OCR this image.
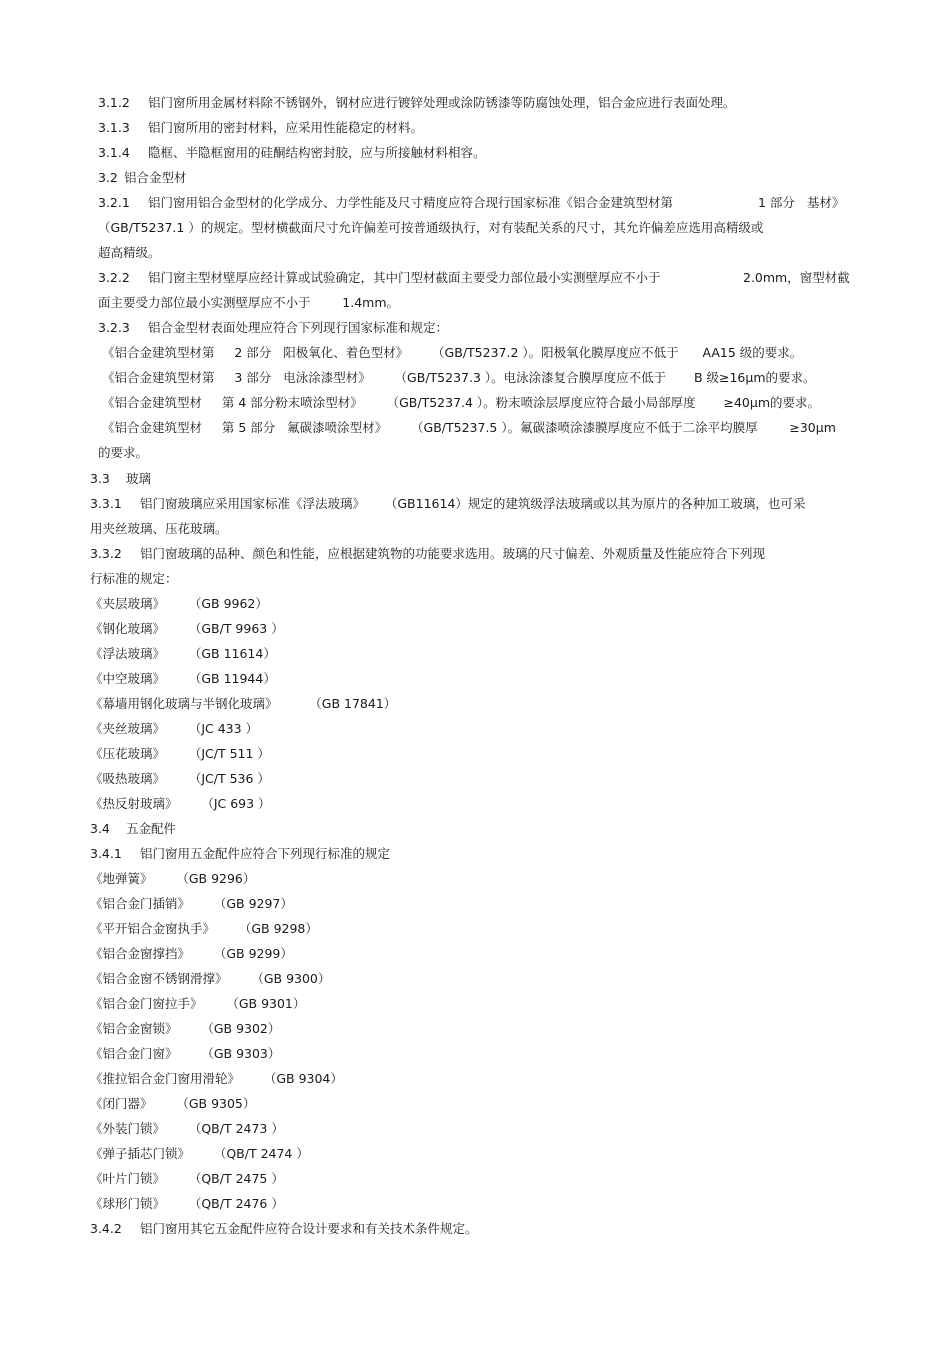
3.1.2 铝门窗所用金属材料除不锈钢外，钢材应进行镀锌处理或涂防锈漆等防腐蚀处理，铝合金应进行表面处理。
3.1.3 铝门窗所用的密封材料，应采用性能稳定的材料。
3.1.4 隐框、半隐框窗用的硅酮结构密封胶，应与所接触材料相容。
3.2 铝合金型材
3.2.1 铝门窗用铝合金型材的化学成分、力学性能及尺寸精度应符合现行国家标准《铝合金建筑型材第	1 部分   基材》
（GB/T5237.1 ）的规定。型材横截面尺寸允许偏差可按普通级执行，对有装配关系的尺寸，其允许偏差应选用高精级或
超高精级。
3.2.2 铝门窗主型材壁厚应经计算或试验确定，其中门型材截面主要受力部位最小实测壁厚应不小于	2.0mm，窗型材截
面主要受力部位最小实测壁厚应不小于        1.4mm。
3.2.3 铝合金型材表面处理应符合下列现行国家标准和规定：
《铝合金建筑型材第     2 部分   阳极氧化、着色型材》      （GB/T5237.2 ）。阳极氧化膜厚度应不低于      AA15 级的要求。
《铝合金建筑型材第     3 部分   电泳涂漆型材》      （GB/T5237.3 ）。电泳涂漆复合膜厚度应不低于       B 级≥16μm的要求。
《铝合金建筑型材     第 4 部分粉末喷涂型材》      （GB/T5237.4 ）。粉末喷涂层厚度应符合最小局部厚度       ≥40μm的要求。
《铝合金建筑型材     第 5 部分   氟碳漆喷涂型材》      （GB/T5237.5 ）。氟碳漆喷涂漆膜厚度应不低于二涂平均膜厚        ≥30μm
的要求。
3.3 玻璃
3.3.1 铝门窗玻璃应采用国家标准《浮法玻璃》     （GB11614）规定的建筑级浮法玻璃或以其为原片的各种加工玻璃，也可采
用夹丝玻璃、压花玻璃。
3.3.2 铝门窗玻璃的品种、颜色和性能，应根据建筑物的功能要求选用。玻璃的尺寸偏差、外观质量及性能应符合下列现
行标准的规定：
《夹层玻璃》      （GB 9962）
《钢化玻璃》      （GB/T 9963 ）
《浮法玻璃》      （GB 11614）
《中空玻璃》      （GB 11944）
《幕墙用钢化玻璃与半钢化玻璃》        （GB 17841）
《夹丝玻璃》      （JC 433 ）
《压花玻璃》      （JC/T 511 ）
《吸热玻璃》      （JC/T 536 ）
《热反射玻璃》      （JC 693 ）
3.4 五金配件
3.4.1 铝门窗用五金配件应符合下列现行标准的规定
《地弹簧》      （GB 9296）
《铝合金门插销》      （GB 9297）
《平开铝合金窗执手》      （GB 9298）
《铝合金窗撑挡》      （GB 9299）
《铝合金窗不锈钢滑撑》      （GB 9300）
《铝合金门窗拉手》      （GB 9301）
《铝合金窗锁》      （GB 9302）
《铝合金门窗》      （GB 9303）
《推拉铝合金门窗用滑轮》      （GB 9304）
《闭门器》      （GB 9305）
《外装门锁》      （QB/T 2473 ）
《弹子插芯门锁》      （QB/T 2474 ）
《叶片门锁》      （QB/T 2475 ）
《球形门锁》      （QB/T 2476 ）
3.4.2 铝门窗用其它五金配件应符合设计要求和有关技术条件规定。
